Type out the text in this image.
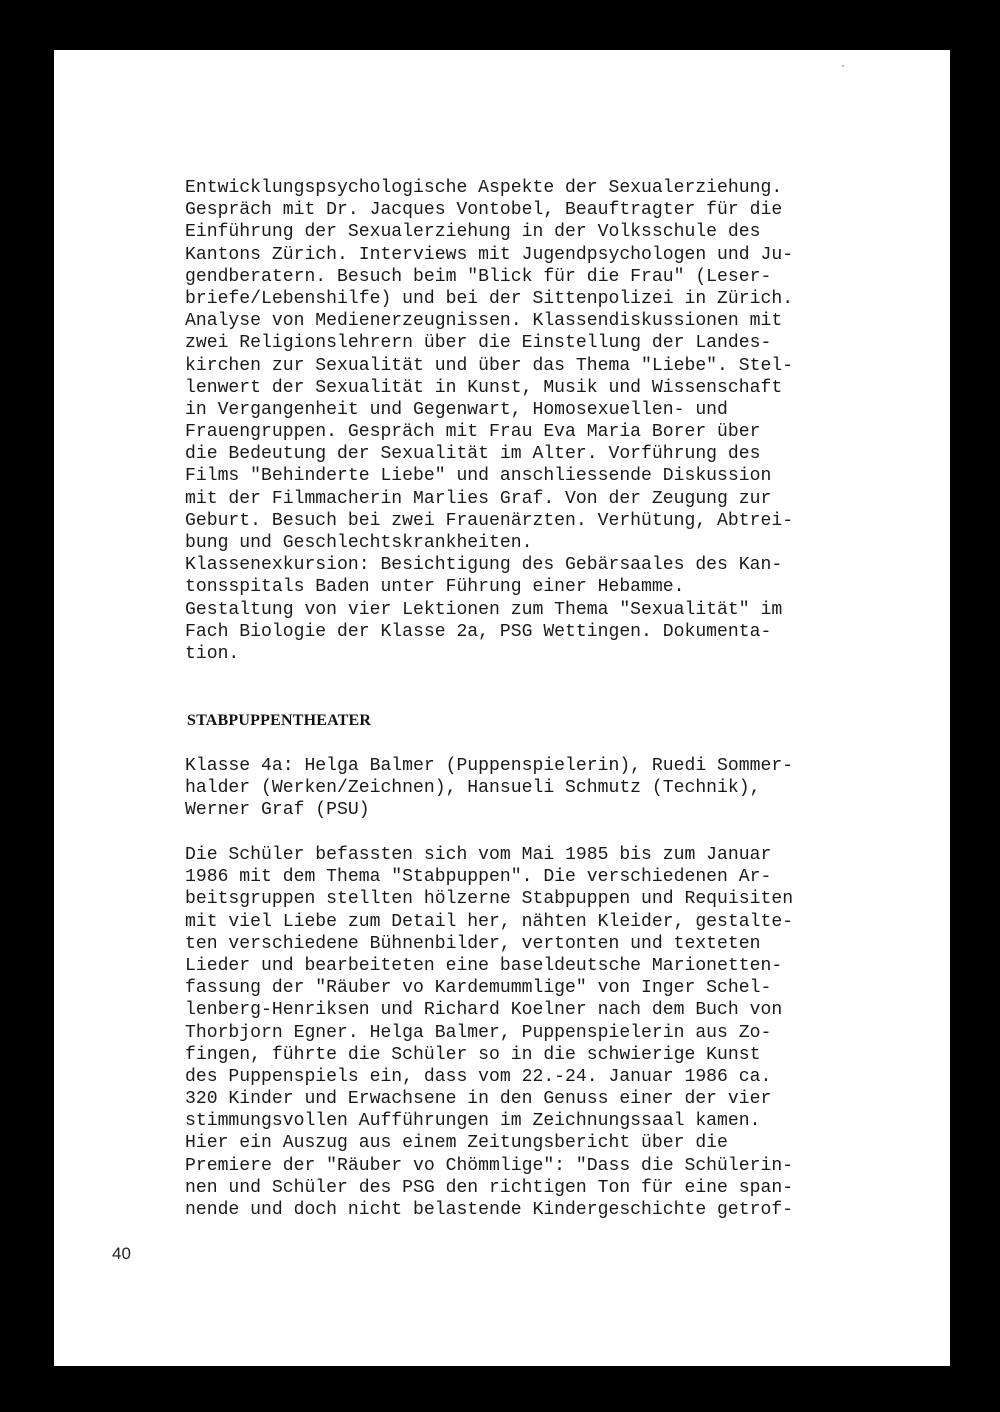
Entwicklungspsychologische Aspekte der Sexualerziehung.
Gespräch mit Dr. Jacques Vontobel, Beauftragter für die
Einführung der Sexualerziehung in der Volksschule des
Kantons Zürich. Interviews mit Jugendpsychologen und Ju-
gendberatern. Besuch beim "Blick für die Frau" (Leser-
briefe/Lebenshilfe) und bei der Sittenpolizei in Zürich.
Analyse von Medienerzeugnissen. Klassendiskussionen mit
zwei Religionslehrern über die Einstellung der Landes-
kirchen zur Sexualität und über das Thema "Liebe". Stel-
lenwert der Sexualität in Kunst, Musik und Wissenschaft
in Vergangenheit und Gegenwart, Homosexuellen- und
Frauengruppen. Gespräch mit Frau Eva Maria Borer über
die Bedeutung der Sexualität im Alter. Vorführung des
Films "Behinderte Liebe" und anschliessende Diskussion
mit der Filmmacherin Marlies Graf. Von der Zeugung zur
Geburt. Besuch bei zwei Frauenärzten. Verhütung, Abtrei-
bung und Geschlechtskrankheiten.
Klassenexkursion: Besichtigung des Gebärsaales des Kan-
tonsspitals Baden unter Führung einer Hebamme.
Gestaltung von vier Lektionen zum Thema "Sexualität" im
Fach Biologie der Klasse 2a, PSG Wettingen. Dokumenta-
tion.
STABPUPPENTHEATER
Klasse 4a: Helga Balmer (Puppenspielerin), Ruedi Sommer-
halder (Werken/Zeichnen), Hansueli Schmutz (Technik),
Werner Graf (PSU)
Die Schüler befassten sich vom Mai 1985 bis zum Januar
1986 mit dem Thema "Stabpuppen". Die verschiedenen Ar-
beitsgruppen stellten hölzerne Stabpuppen und Requisiten
mit viel Liebe zum Detail her, nähten Kleider, gestalte-
ten verschiedene Bühnenbilder, vertonten und texteten
Lieder und bearbeiteten eine baseldeutsche Marionetten-
fassung der "Räuber vo Kardemummlige" von Inger Schel-
lenberg-Henriksen und Richard Koelner nach dem Buch von
Thorbjorn Egner. Helga Balmer, Puppenspielerin aus Zo-
fingen, führte die Schüler so in die schwierige Kunst
des Puppenspiels ein, dass vom 22.-24. Januar 1986 ca.
320 Kinder und Erwachsene in den Genuss einer der vier
stimmungsvollen Aufführungen im Zeichnungssaal kamen.
Hier ein Auszug aus einem Zeitungsbericht über die
Premiere der "Räuber vo Chömmlige": "Dass die Schülerin-
nen und Schüler des PSG den richtigen Ton für eine span-
nende und doch nicht belastende Kindergeschichte getrof-
40
